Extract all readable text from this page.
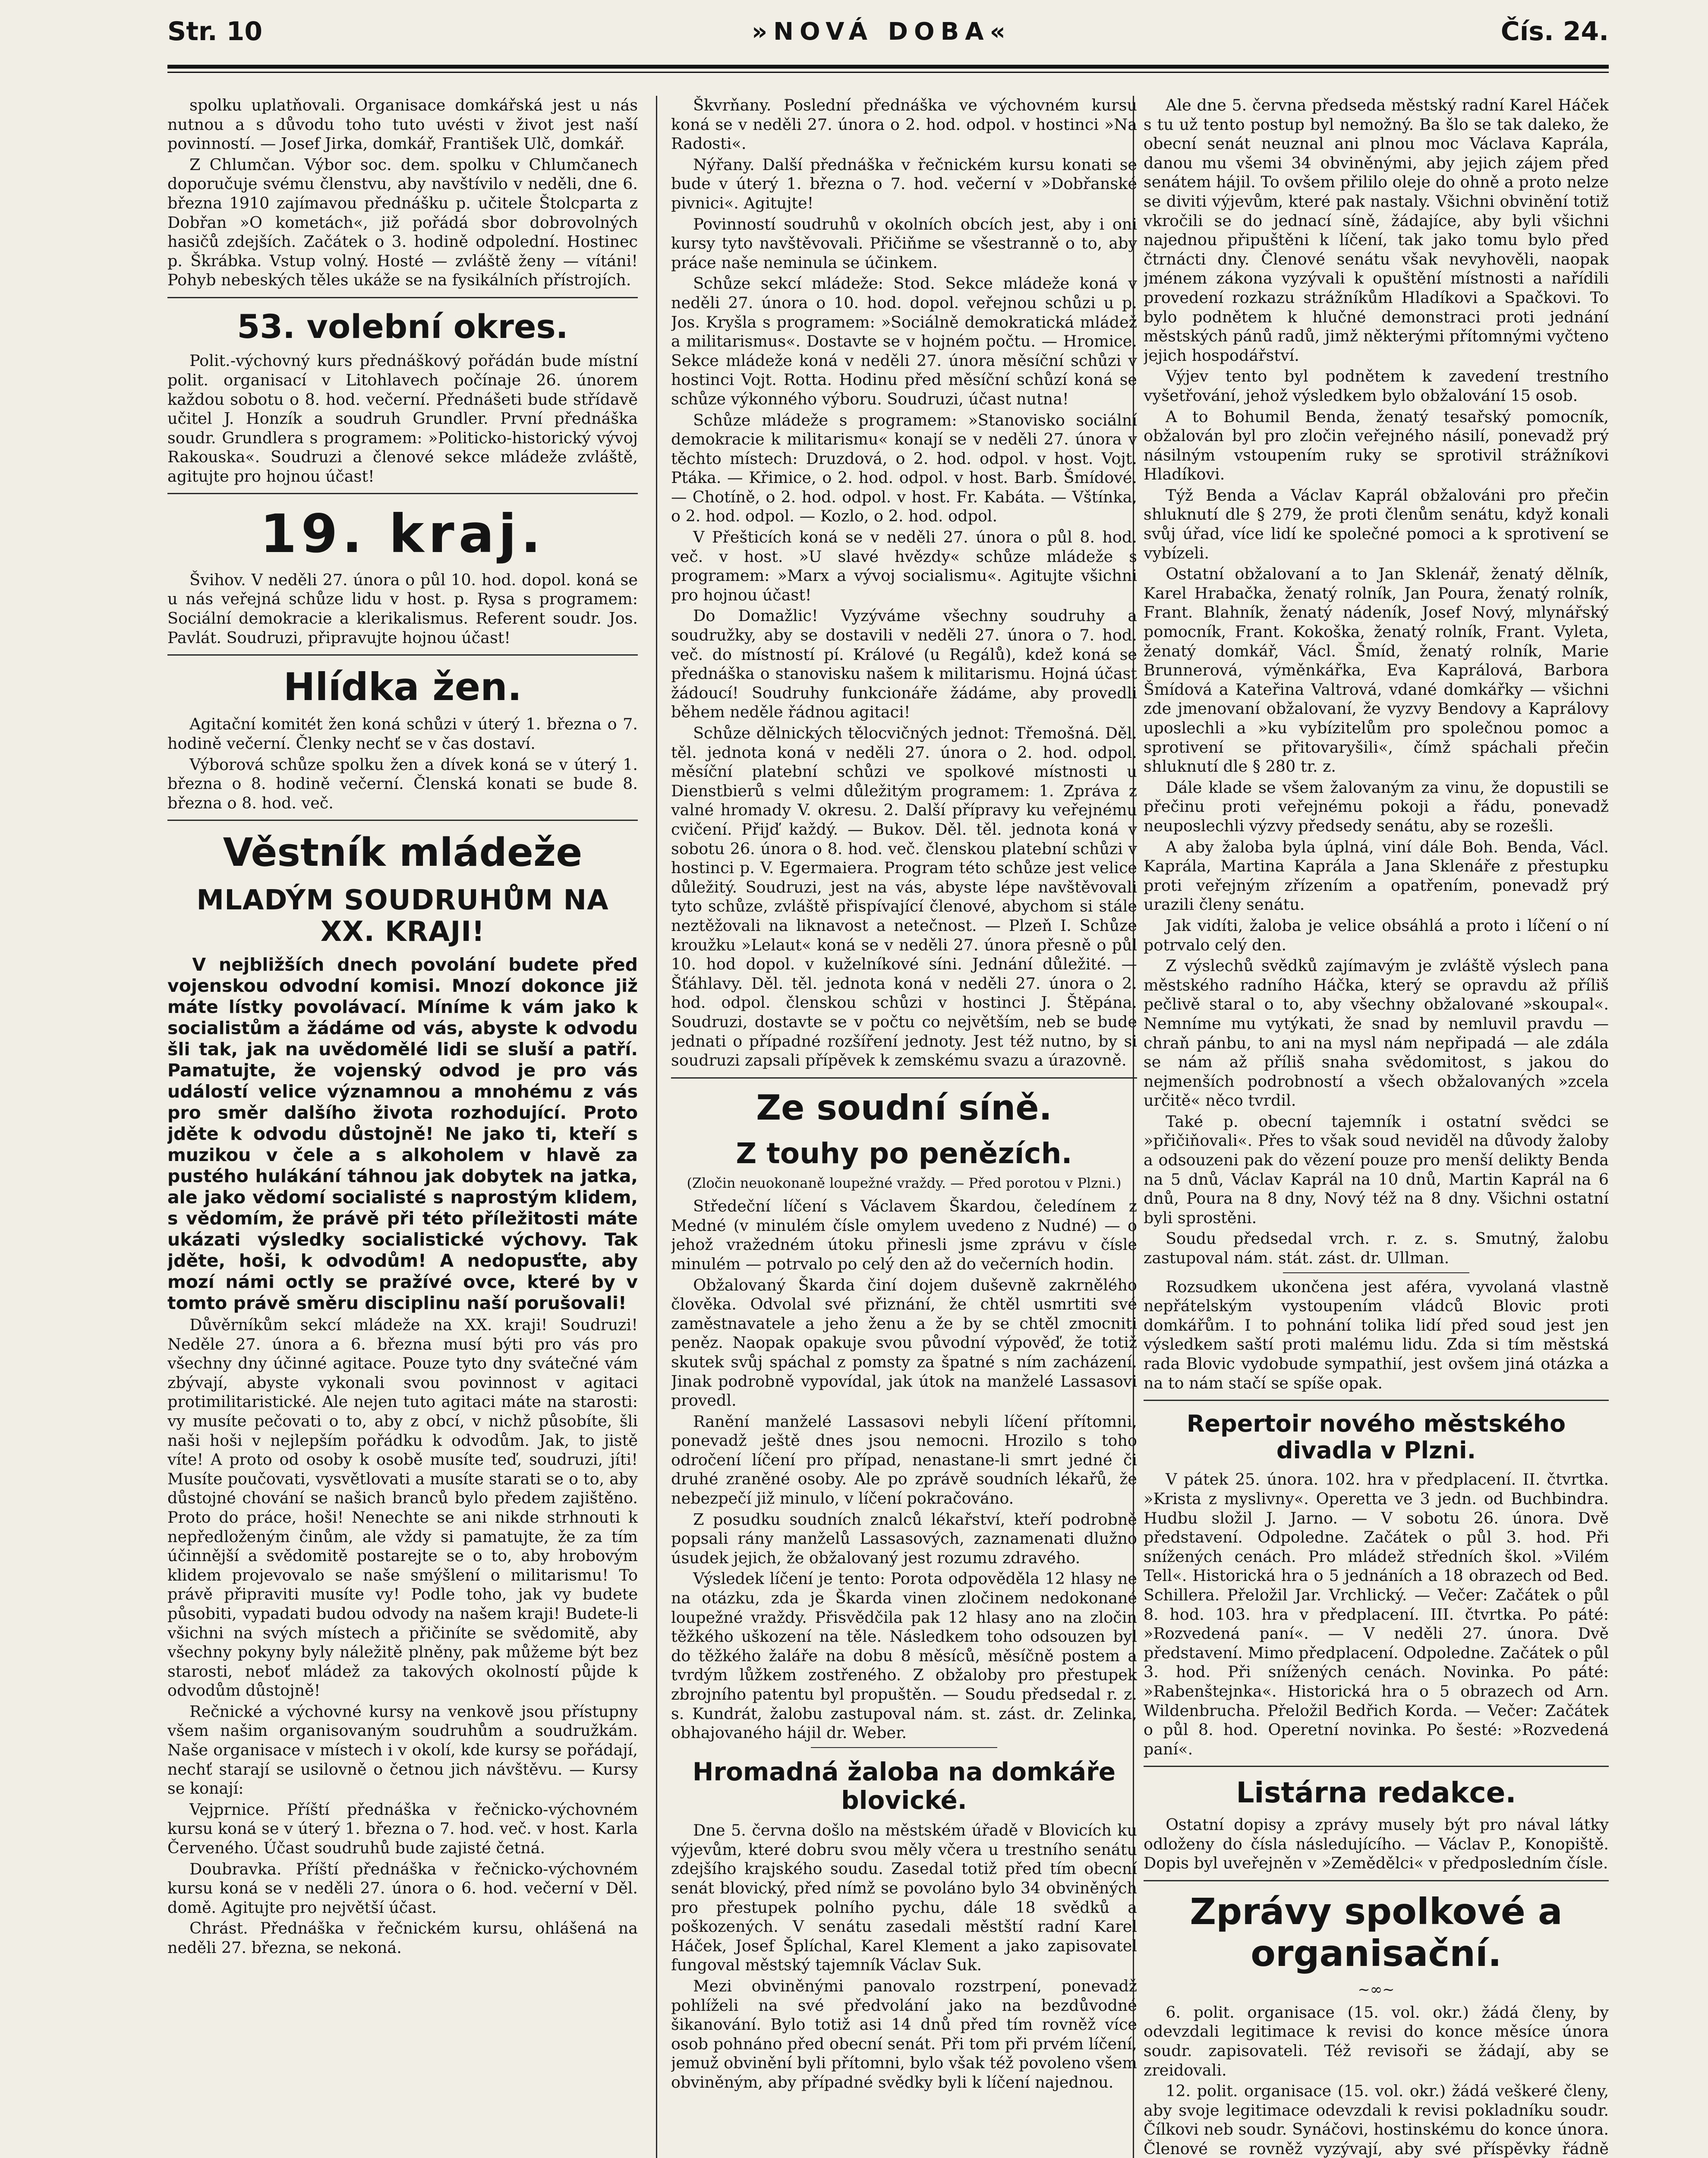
Str. 10	»NOVÁ DOBA«	Čís. 24.

spolku uplatňovali. Organisace domkářská jest u nás nutnou a s důvodu toho tuto uvésti v život jest naší povinností. — Josef Jirka, domkář, František Ulč, domkář.

Z Chlumčan. Výbor soc. dem. spolku v Chlumčanech doporučuje svému členstvu, aby navštívilo v neděli, dne 6. března 1910 zajímavou přednášku p. učitele Štolcparta z Dobřan »O kometách«, již pořádá sbor dobrovolných hasičů zdejších. Začátek o 3. hodině odpolední. Hostinec p. Škrábka. Vstup volný. Hosté — zvláště ženy — vítáni! Pohyb nebeských těles ukáže se na fysikálních přístrojích.

53. volební okres.

Polit.-výchovný kurs přednáškový pořádán bude místní polit. organisací v Litohlavech počínaje 26. únorem každou sobotu o 8. hod. večerní. Přednášeti bude střídavě učitel J. Honzík a soudruh Grundler. První přednáška soudr. Grundlera s programem: »Politicko-historický vývoj Rakouska«. Soudruzi a členové sekce mládeže zvláště, agitujte pro hojnou účast!

19. kraj.

Švihov. V neděli 27. února o půl 10. hod. dopol. koná se u nás veřejná schůze lidu v host. p. Rysa s programem: Sociální demokracie a klerikalismus. Referent soudr. Jos. Pavlát. Soudruzi, připravujte hojnou účast!

Hlídka žen.

Agitační komitét žen koná schůzi v úterý 1. března o 7. hodině večerní. Členky nechť se v čas dostaví.

Výborová schůze spolku žen a dívek koná se v úterý 1. března o 8. hodině večerní. Členská konati se bude 8. března o 8. hod. več.

Věstník mládeže
MLADÝM SOUDRUHŮM NA XX. KRAJI!

V nejbližších dnech povolání budete před vojenskou odvodní komisi. Mnozí dokonce již máte lístky povolávací. Míníme k vám jako k socialistům a žádáme od vás, abyste k odvodu šli tak, jak na uvědomělé lidi se sluší a patří. Pamatujte, že vojenský odvod je pro vás událostí velice významnou a mnohému z vás pro směr dalšího života rozhodující. Proto jděte k odvodu důstojně! Ne jako ti, kteří s muzikou v čele a s alkoholem v hlavě za pustého hulákání táhnou jak dobytek na jatka, ale jako vědomí socialisté s naprostým klidem, s vědomím, že právě při této příležitosti máte ukázati výsledky socialistické výchovy. Tak jděte, hoši, k odvodům! A nedopusťte, aby mozí námi octly se pražívé ovce, které by v tomto právě směru disciplinu naší porušovali!

Důvěrníkům sekcí mládeže na XX. kraji! Soudruzi! Neděle 27. února a 6. března musí býti pro vás pro všechny dny účinné agitace. Pouze tyto dny svátečné vám zbývají, abyste vykonali svou povinnost v agitaci protimilitaristické. Ale nejen tuto agitaci máte na starosti: vy musíte pečovati o to, aby z obcí, v nichž působíte, šli naši hoši v nejlepším pořádku k odvodům. Jak, to jistě víte! A proto od osoby k osobě musíte teď, soudruzi, jíti! Musíte poučovati, vysvětlovati a musíte starati se o to, aby důstojné chování se našich branců bylo předem zajištěno. Proto do práce, hoši! Nenechte se ani nikde strhnouti k nepředloženým činům, ale vždy si pamatujte, že za tím účinnější a svědomitě postarejte se o to, aby hrobovým klidem projevovalo se naše smýšlení o militarismu! To právě připraviti musíte vy! Podle toho, jak vy budete působiti, vypadati budou odvody na našem kraji! Budete-li všichni na svých místech a přičiníte se svědomitě, aby všechny pokyny byly náležitě plněny, pak můžeme být bez starosti, neboť mládež za takových okolností půjde k odvodům důstojně!

Rečnické a výchovné kursy na venkově jsou přístupny všem našim organisovaným soudruhům a soudružkám. Naše organisace v místech i v okolí, kde kursy se pořádají, nechť starají se usilovně o četnou jich návštěvu. — Kursy se konají:

Vejprnice. Příští přednáška v řečnicko-výchovném kursu koná se v úterý 1. března o 7. hod. več. v host. Karla Červeného. Účast soudruhů bude zajisté četná.

Doubravka. Příští přednáška v řečnicko-výchovném kursu koná se v neděli 27. února o 6. hod. večerní v Děl. domě. Agitujte pro největší účast.

Chrást. Přednáška v řečnickém kursu, ohlášená na neděli 27. března, se nekoná.

Škvrňany. Poslední přednáška ve výchovném kursu koná se v neděli 27. února o 2. hod. odpol. v hostinci »Na Radosti«.

Nýřany. Další přednáška v řečnickém kursu konati se bude v úterý 1. března o 7. hod. večerní v »Dobřanské pivnici«. Agitujte!

Povinností soudruhů v okolních obcích jest, aby i oni kursy tyto navštěvovali. Přičiňme se všestranně o to, aby práce naše neminula se účinkem.

Schůze sekcí mládeže: Stod. Sekce mládeže koná v neděli 27. února o 10. hod. dopol. veřejnou schůzi u p. Jos. Kryšla s programem: »Sociálně demokratická mládež a militarismus«. Dostavte se v hojném počtu. — Hromice. Sekce mládeže koná v neděli 27. února měsíční schůzi v hostinci Vojt. Rotta. Hodinu před měsíční schůzí koná se schůze výkonného výboru. Soudruzi, účast nutna!

Schůze mládeže s programem: »Stanovisko sociální demokracie k militarismu« konají se v neděli 27. února v těchto místech: Druzdová, o 2. hod. odpol. v host. Vojt. Ptáka. — Křimice, o 2. hod. odpol. v host. Barb. Šmídové. — Chotíně, o 2. hod. odpol. v host. Fr. Kabáta. — Vštínka, o 2. hod. odpol. — Kozlo, o 2. hod. odpol.

V Přešticích koná se v neděli 27. února o půl 8. hod. več. v host. »U slavé hvězdy« schůze mládeže s programem: »Marx a vývoj socialismu«. Agitujte všichni pro hojnou účast!

Do Domažlic! Vyzýváme všechny soudruhy a soudružky, aby se dostavili v neděli 27. února o 7. hod. več. do místností pí. Králové (u Regálů), kdež koná se přednáška o stanovisku našem k militarismu. Hojná účast žádoucí! Soudruhy funkcionáře žádáme, aby provedli během neděle řádnou agitaci!

Schůze dělnických tělocvičných jednot: Třemošná. Děl. těl. jednota koná v neděli 27. února o 2. hod. odpol. měsíční platební schůzi ve spolkové místnosti u Dienstbierů s velmi důležitým programem: 1. Zpráva z valné hromady V. okresu. 2. Další přípravy ku veřejnému cvičení. Přijď každý. — Bukov. Děl. těl. jednota koná v sobotu 26. února o 8. hod. več. členskou platební schůzi v hostinci p. V. Egermaiera. Program této schůze jest velice důležitý. Soudruzi, jest na vás, abyste lépe navštěvovali tyto schůze, zvláště přispívající členové, abychom si stále neztěžovali na liknavost a netečnost. — Plzeň I. Schůze kroužku »Lelaut« koná se v neděli 27. února přesně o půl 10. hod dopol. v kuželníkové síni. Jednání důležité. — Šťáhlavy. Děl. těl. jednota koná v neděli 27. února o 2. hod. odpol. členskou schůzi v hostinci J. Štěpána. Soudruzi, dostavte se v počtu co největším, neb se bude jednati o případné rozšíření jednoty. Jest též nutno, by si soudruzi zapsali přípěvek k zemskému svazu a úrazovně.

Ze soudní síně.
Z touhy po penězích.
(Zločin neuokonaně loupežné vraždy. — Před porotou v Plzni.)

Středeční líčení s Václavem Škardou, čeledínem z Medné (v minulém čísle omylem uvedeno z Nudné) — o jehož vražedném útoku přinesli jsme zprávu v čísle minulém — potrvalo po celý den až do večerních hodin.

Obžalovaný Škarda činí dojem duševně zakrnělého člověka. Odvolal své přiznání, že chtěl usmrtiti své zaměstnavatele a jeho ženu a že by se chtěl zmocniti peněz. Naopak opakuje svou původní výpověď, že totiž skutek svůj spáchal z pomsty za špatné s ním zacházení. Jinak podrobně vypovídal, jak útok na manželé Lassasovi provedl.

Ranění manželé Lassasovi nebyli líčení přítomni, ponevadž ještě dnes jsou nemocni. Hrozilo s toho odročení líčení pro případ, nenastane-li smrt jedné či druhé zraněné osoby. Ale po zprávě soudních lékařů, že nebezpečí již minulo, v líčení pokračováno.

Z posudku soudních znalců lékařství, kteří podrobně popsali rány manželů Lassasových, zaznamenati dlužno úsudek jejich, že obžalovaný jest rozumu zdravého.

Výsledek líčení je tento: Porota odpověděla 12 hlasy ne na otázku, zda je Škarda vinen zločinem nedokonané loupežné vraždy. Přisvědčila pak 12 hlasy ano na zločin těžkého uškození na těle. Následkem toho odsouzen byl do těžkého žaláře na dobu 8 měsíců, měsíčně postem a tvrdým lůžkem zostřeného. Z obžaloby pro přestupek zbrojního patentu byl propuštěn. — Soudu předsedal r. z. s. Kundrát, žalobu zastupoval nám. st. zást. dr. Zelinka, obhajovaného hájil dr. Weber.

Hromadná žaloba na domkáře blovické.

Dne 5. června došlo na městském úřadě v Blovicích ku výjevům, které dobru svou měly včera u trestního senátu zdejšího krajského soudu. Zasedal totiž před tím obecní senát blovický, před nímž se povoláno bylo 34 obviněných pro přestupek polního pychu, dále 18 svědků a poškozených. V senátu zasedali městští radní Karel Háček, Josef Šplíchal, Karel Klement a jako zapisovatel fungoval městský tajemník Václav Suk.

Mezi obviněnými panovalo rozstrpení, ponevadž pohlíželi na své předvolání jako na bezdůvodné šikanování. Bylo totiž asi 14 dnů před tím rovněž více osob pohnáno před obecní senát. Při tom při prvém líčení, jemuž obvinění byli přítomni, bylo však též povoleno všem obviněným, aby případné svědky byli k líčení najednou.

Ale dne 5. června předseda městský radní Karel Háček s tu už tento postup byl nemožný. Ba šlo se tak daleko, že obecní senát neuznal ani plnou moc Václava Kaprála, danou mu všemi 34 obviněnými, aby jejich zájem před senátem hájil. To ovšem přililo oleje do ohně a proto nelze se diviti výjevům, které pak nastaly. Všichni obvinění totiž vkročili se do jednací síně, žádajíce, aby byli všichni najednou připuštěni k líčení, tak jako tomu bylo před čtrnácti dny. Členové senátu však nevyhověli, naopak jménem zákona vyzývali k opuštění místnosti a nařídili provedení rozkazu strážníkům Hladíkovi a Spačkovi. To bylo podnětem k hlučné demonstraci proti jednání městských pánů radů, jimž některými přítomnými vyčteno jejich hospodářství.

Výjev tento byl podnětem k zavedení trestního vyšetřování, jehož výsledkem bylo obžalování 15 osob.

A to Bohumil Benda, ženatý tesařský pomocník, obžalován byl pro zločin veřejného násilí, ponevadž prý násilným vstoupením ruky se sprotivil strážníkovi Hladíkovi.

Týž Benda a Václav Kaprál obžalováni pro přečin shluknutí dle § 279, že proti členům senátu, když konali svůj úřad, více lidí ke společné pomoci a k sprotivení se vybízeli.

Ostatní obžalovaní a to Jan Sklenář, ženatý dělník, Karel Hrabačka, ženatý rolník, Jan Poura, ženatý rolník, Frant. Blahník, ženatý nádeník, Josef Nový, mlynářský pomocník, Frant. Kokoška, ženatý rolník, Frant. Vyleta, ženatý domkář, Václ. Šmíd, ženatý rolník, Marie Brunnerová, výměnkářka, Eva Kaprálová, Barbora Šmídová a Kateřina Valtrová, vdané domkářky — všichni zde jmenovaní obžalovaní, že vyzvy Bendovy a Kaprálovy uposlechli a »ku vybízitelům pro společnou pomoc a sprotivení se přitovaryšili«, čímž spáchali přečin shluknutí dle § 280 tr. z.

Dále klade se všem žalovaným za vinu, že dopustili se přečinu proti veřejnému pokoji a řádu, ponevadž neuposlechli výzvy předsedy senátu, aby se rozešli.

A aby žaloba byla úplná, viní dále Boh. Benda, Václ. Kaprála, Martina Kaprála a Jana Sklenáře z přestupku proti veřejným zřízením a opatřením, ponevadž prý urazili členy senátu.

Jak vidíti, žaloba je velice obsáhlá a proto i líčení o ní potrvalo celý den.

Z výslechů svědků zajímavým je zvláště výslech pana městského radního Háčka, který se opravdu až příliš pečlivě staral o to, aby všechny obžalované »skoupal«. Nemníme mu vytýkati, že snad by nemluvil pravdu — chraň pánbu, to ani na mysl nám nepřipadá — ale zdála se nám až příliš snaha svědomitost, s jakou do nejmenších podrobností a všech obžalovaných »zcela určitě« něco tvrdil.

Také p. obecní tajemník i ostatní svědci se »přičiňovali«. Přes to však soud neviděl na důvody žaloby a odsouzeni pak do vězení pouze pro menší delikty Benda na 5 dnů, Václav Kaprál na 10 dnů, Martin Kaprál na 6 dnů, Poura na 8 dny, Nový též na 8 dny. Všichni ostatní byli sprostěni.

Soudu předsedal vrch. r. z. s. Smutný, žalobu zastupoval nám. stát. zást. dr. Ullman.

Rozsudkem ukončena jest aféra, vyvolaná vlastně nepřátelským vystoupením vládců Blovic proti domkářům. I to pohnání tolika lidí před soud jest jen výsledkem saští proti malému lidu. Zda si tím městská rada Blovic vydobude sympathií, jest ovšem jiná otázka a na to nám stačí se spíše opak.

Repertoir nového městského divadla v Plzni.

V pátek 25. února. 102. hra v předplacení. II. čtvrtka. »Krista z myslivny«. Operetta ve 3 jedn. od Buchbindra. Hudbu složil J. Jarno. — V sobotu 26. února. Dvě představení. Odpoledne. Začátek o půl 3. hod. Při snížených cenách. Pro mládež středních škol. »Vilém Tell«. Historická hra o 5 jednáních a 18 obrazech od Bed. Schillera. Přeložil Jar. Vrchlický. — Večer: Začátek o půl 8. hod. 103. hra v předplacení. III. čtvrtka. Po páté: »Rozvedená paní«. — V neděli 27. února. Dvě představení. Mimo předplacení. Odpoledne. Začátek o půl 3. hod. Při snížených cenách. Novinka. Po páté: »Rabenštejnka«. Historická hra o 5 obrazech od Arn. Wildenbrucha. Přeložil Bedřich Korda. — Večer: Začátek o půl 8. hod. Operetní novinka. Po šesté: »Rozvedená paní«.

Listárna redakce.

Ostatní dopisy a zprávy musely být pro nával látky odloženy do čísla následujícího. — Václav P., Konopiště. Dopis byl uveřejněn v »Zemědělci« v předposledním čísle.

Zprávy spolkové a organisační.
~∞~

6. polit. organisace (15. vol. okr.) žádá členy, by odevzdali legitimace k revisi do konce měsíce února soudr. zapisovateli. Též revisoři se žádají, aby se zreidovali.

12. polit. organisace (15. vol. okr.) žádá veškeré členy, aby svoje legitimace odevzdali k revisi pokladníku soudr. Čílkovi neb soudr. Synáčovi, hostinskému do konce února. Členové se rovněž vyzývají, aby své příspěvky řádně
